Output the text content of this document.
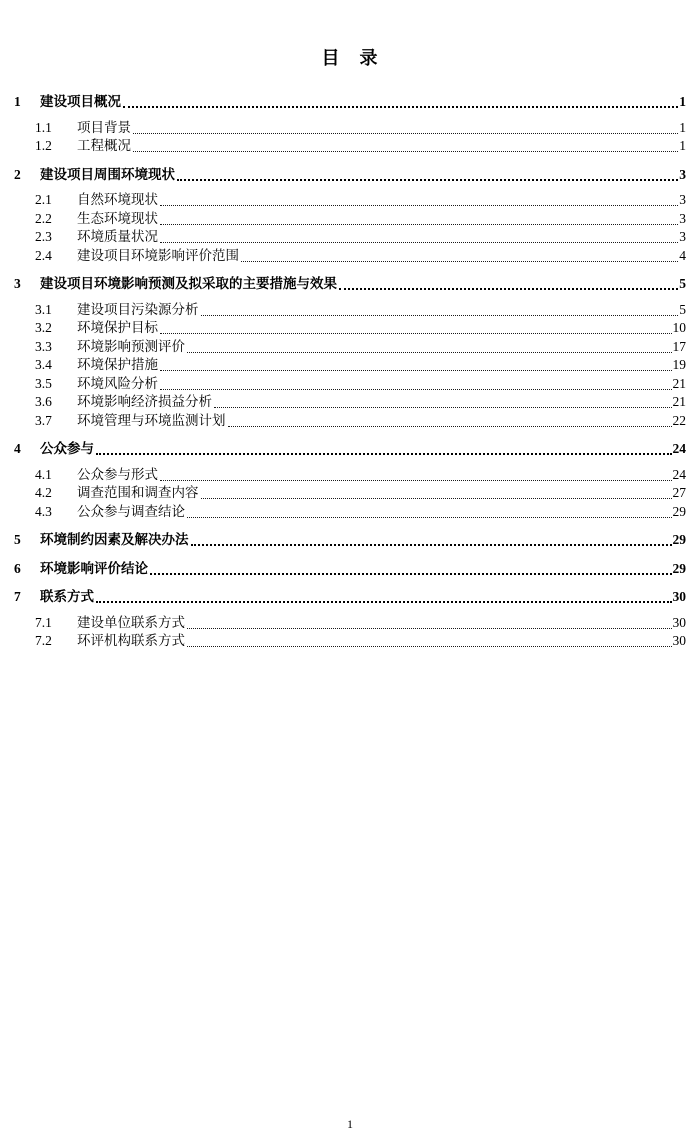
目　录
1	建设项目概况	1
1.1	项目背景	1
1.2	工程概况	1
2	建设项目周围环境现状	3
2.1	自然环境现状	3
2.2	生态环境现状	3
2.3	环境质量状况	3
2.4	建设项目环境影响评价范围	4
3	建设项目环境影响预测及拟采取的主要措施与效果	5
3.1	建设项目污染源分析	5
3.2	环境保护目标	10
3.3	环境影响预测评价	17
3.4	环境保护措施	19
3.5	环境风险分析	21
3.6	环境影响经济损益分析	21
3.7	环境管理与环境监测计划	22
4	公众参与	24
4.1	公众参与形式	24
4.2	调查范围和调查内容	27
4.3	公众参与调查结论	29
5	环境制约因素及解决办法	29
6	环境影响评价结论	29
7	联系方式	30
7.1	建设单位联系方式	30
7.2	环评机构联系方式	30
1
